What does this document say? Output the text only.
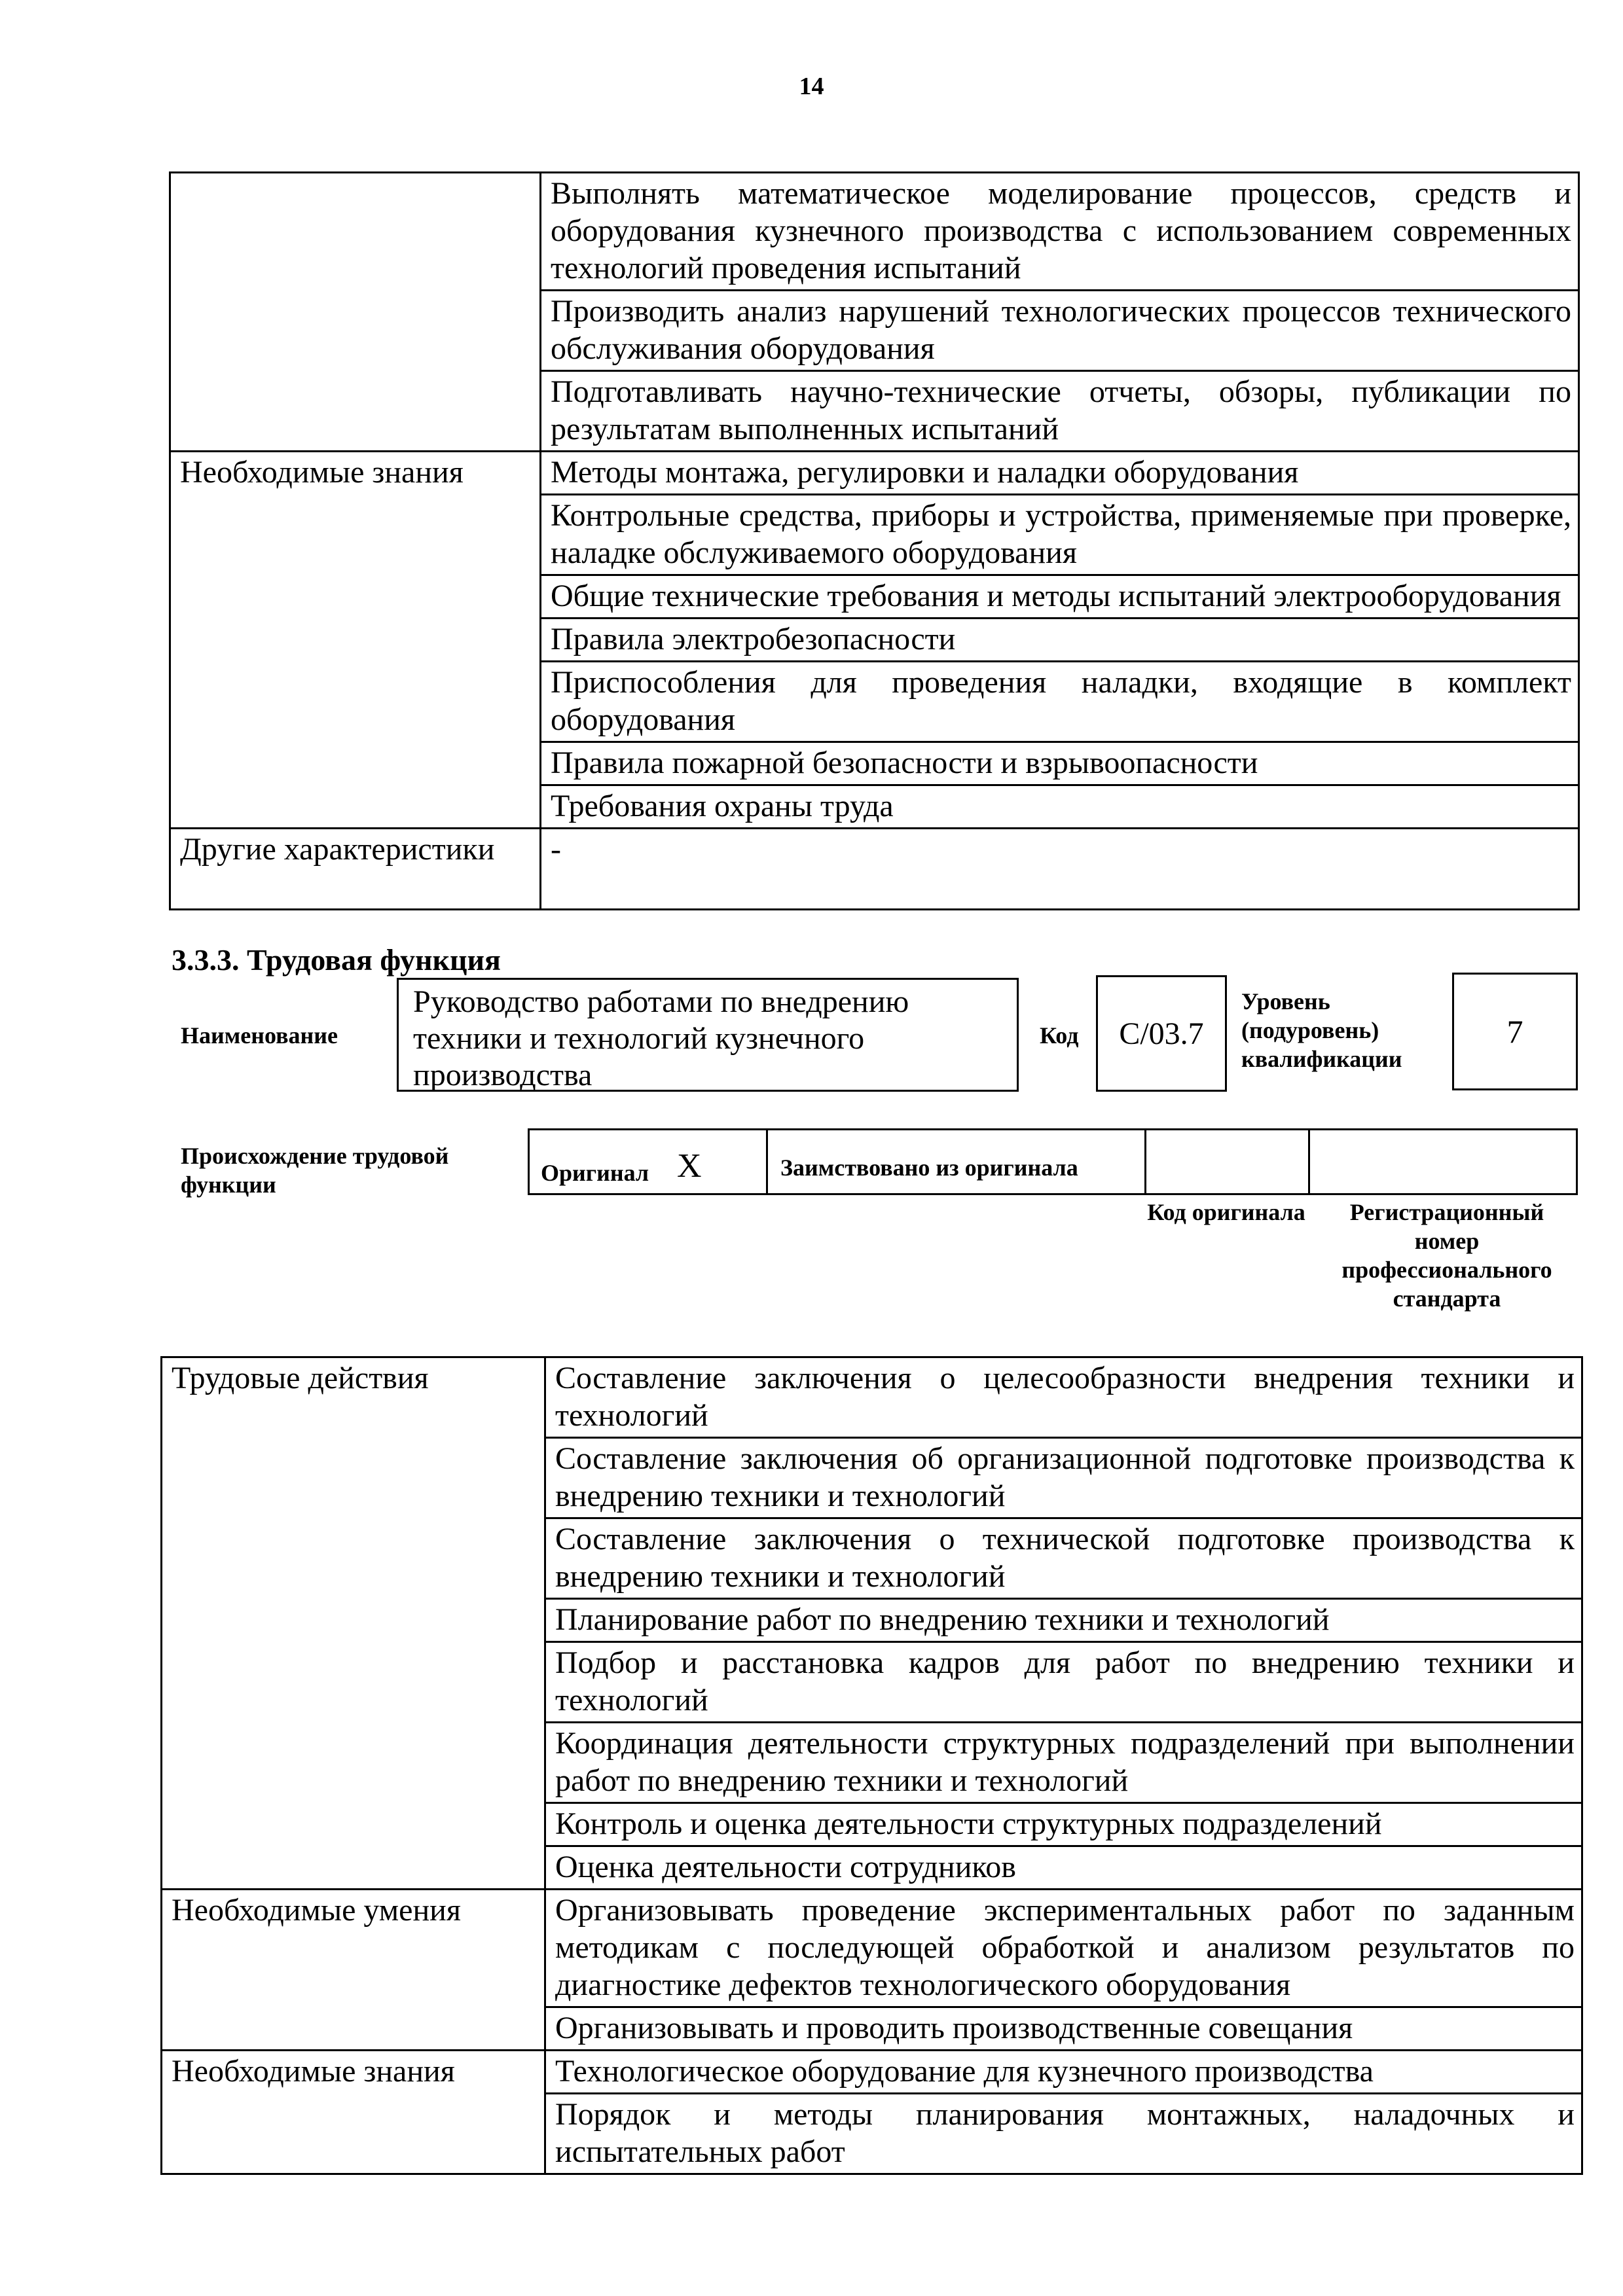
14
	Выполнять математическое моделирование процессов, средств и оборудования кузнечного производства с использованием современных технологий проведения испытаний
	Производить анализ нарушений технологических процессов технического обслуживания оборудования
	Подготавливать научно-технические отчеты, обзоры, публикации по результатам выполненных испытаний
Необходимые знания	Методы монтажа, регулировки и наладки оборудования
	Контрольные средства, приборы и устройства, применяемые при проверке, наладке обслуживаемого оборудования
	Общие технические требования и методы испытаний электрооборудования
	Правила электробезопасности
	Приспособления для проведения наладки, входящие в комплект оборудования
	Правила пожарной безопасности и взрывоопасности
	Требования охраны труда
Другие характеристики	-
3.3.3. Трудовая функция
Наименование
Руководство работами по внедрению техники и технологий кузнечного производства
Код C/03.7
Уровень (подуровень) квалификации
7
Происхождение трудовой функции	Оригинал X	Заимствовано из оригинала
Код оригинала	Регистрационный номер профессионального стандарта
Трудовые действия	Составление заключения о целесообразности внедрения техники и технологий
	Составление заключения об организационной подготовке производства к внедрению техники и технологий
	Составление заключения о технической подготовке производства к внедрению техники и технологий
	Планирование работ по внедрению техники и технологий
	Подбор и расстановка кадров для работ по внедрению техники и технологий
	Координация деятельности структурных подразделений при выполнении работ по внедрению техники и технологий
	Контроль и оценка деятельности структурных подразделений
	Оценка деятельности сотрудников
Необходимые умения	Организовывать проведение экспериментальных работ по заданным методикам с последующей обработкой и анализом результатов по диагностике дефектов технологического оборудования
	Организовывать и проводить производственные совещания
Необходимые знания	Технологическое оборудование для кузнечного производства
	Порядок и методы планирования монтажных, наладочных и испытательных работ
